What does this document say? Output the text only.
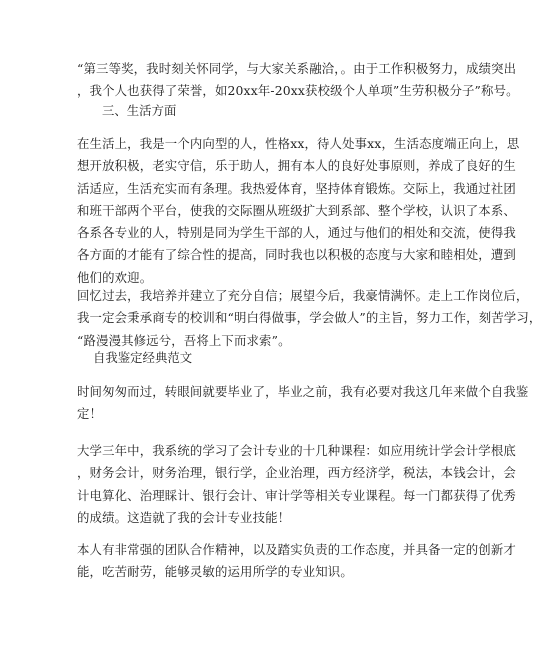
“第三等奖，我时刻关怀同学，与大家关系融洽，。由于工作积极努力，成绩突出
，我个人也获得了荣誉，如20xx年-20xx获校级个人单项”生劳积极分子”称号。

三、生活方面

在生活上，我是一个内向型的人，性格xx，待人处事xx，生活态度端正向上，思
想开放积极，老实守信，乐于助人，拥有本人的良好处事原则，养成了良好的生
活适应，生活充实而有条理。我热爱体育，坚持体育锻炼。交际上，我通过社团
和班干部两个平台，使我的交际圈从班级扩大到系部、整个学校，认识了本系、
各系各专业的人，特别是同为学生干部的人，通过与他们的相处和交流，使得我
各方面的才能有了综合性的提高，同时我也以积极的态度与大家和睦相处，遭到
他们的欢迎。

回忆过去，我培养并建立了充分自信；展望今后，我豪情满怀。走上工作岗位后，
我一定会秉承商专的校训和“明白得做事，学会做人”的主旨，努力工作，刻苦学习，
“路漫漫其修远兮，吾将上下而求索”。

自我鉴定经典范文

时间匆匆而过，转眼间就要毕业了，毕业之前，我有必要对我这几年来做个自我鉴
定！

大学三年中，我系统的学习了会计专业的十几种课程：如应用统计学会计学根底
，财务会计，财务治理，银行学，企业治理，西方经济学，税法，本钱会计，会
计电算化、治理睬计、银行会计、审计学等相关专业课程。每一门都获得了优秀
的成绩。这造就了我的会计专业技能！

本人有非常强的团队合作精神，以及踏实负责的工作态度，并具备一定的创新才
能，吃苦耐劳，能够灵敏的运用所学的专业知识。
